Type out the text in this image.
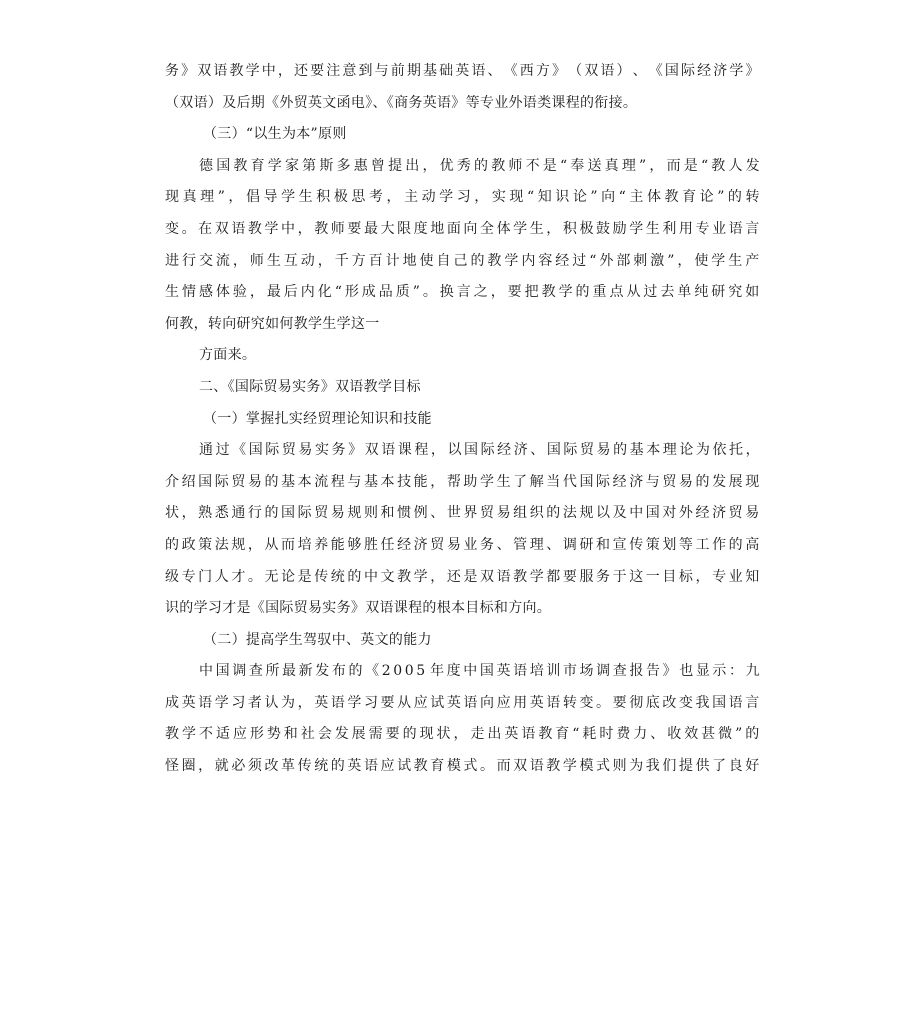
务 》 双 语 教 学 中 ， 还 要 注 意 到 与 前 期 基 础 英 语 、 《 西 方 》 （ 双 语 ） 、 《 国 际 经 济 学 》
（双语）及后期《外贸英文函电》、《商务英语》等专业外语类课程的衔接。
（三）“以生为本”原则
德 国 教 育 学 家 第 斯 多 惠 曾 提 出 ， 优 秀 的 教 师 不 是 “ 奉 送 真 理 ” ， 而 是 “ 教 人 发
现 真 理 ” ， 倡 导 学 生 积 极 思 考 ， 主 动 学 习 ， 实 现 “ 知 识 论 ” 向 “ 主 体 教 育 论 ” 的 转
变 。 在 双 语 教 学 中 ， 教 师 要 最 大 限 度 地 面 向 全 体 学 生 ， 积 极 鼓 励 学 生 利 用 专 业 语 言
进 行 交 流 ， 师 生 互 动 ， 千 方 百 计 地 使 自 己 的 教 学 内 容 经 过 “ 外 部 刺 激 ” ， 使 学 生 产
生 情 感 体 验 ， 最 后 内 化 “ 形 成 品 质 ” 。 换 言 之 ， 要 把 教 学 的 重 点 从 过 去 单 纯 研 究 如
何教，转向研究如何教学生学这一
方面来。
二、《国际贸易实务》双语教学目标
（一）掌握扎实经贸理论知识和技能
通 过 《 国 际 贸 易 实 务 》 双 语 课 程 ， 以 国 际 经 济 、 国 际 贸 易 的 基 本 理 论 为 依 托 ，
介 绍 国 际 贸 易 的 基 本 流 程 与 基 本 技 能 ， 帮 助 学 生 了 解 当 代 国 际 经 济 与 贸 易 的 发 展 现
状 ， 熟 悉 通 行 的 国 际 贸 易 规 则 和 惯 例 、 世 界 贸 易 组 织 的 法 规 以 及 中 国 对 外 经 济 贸 易
的 政 策 法 规 ， 从 而 培 养 能 够 胜 任 经 济 贸 易 业 务 、 管 理 、 调 研 和 宣 传 策 划 等 工 作 的 高
级 专 门 人 才 。 无 论 是 传 统 的 中 文 教 学 ， 还 是 双 语 教 学 都 要 服 务 于 这 一 目 标 ， 专 业 知
识的学习才是《国际贸易实务》双语课程的根本目标和方向。
（二）提高学生驾驭中、英文的能力
中 国 调 查 所 最 新 发 布 的 《 2 0 0 5 年 度 中 国 英 语 培 训 市 场 调 查 报 告 》 也 显 示 ： 九
成 英 语 学 习 者 认 为 ， 英 语 学 习 要 从 应 试 英 语 向 应 用 英 语 转 变 。 要 彻 底 改 变 我 国 语 言
教 学 不 适 应 形 势 和 社 会 发 展 需 要 的 现 状 ， 走 出 英 语 教 育 “ 耗 时 费 力 、 收 效 甚 微 ” 的
怪 圈 ， 就 必 须 改 革 传 统 的 英 语 应 试 教 育 模 式 。 而 双 语 教 学 模 式 则 为 我 们 提 供 了 良 好
